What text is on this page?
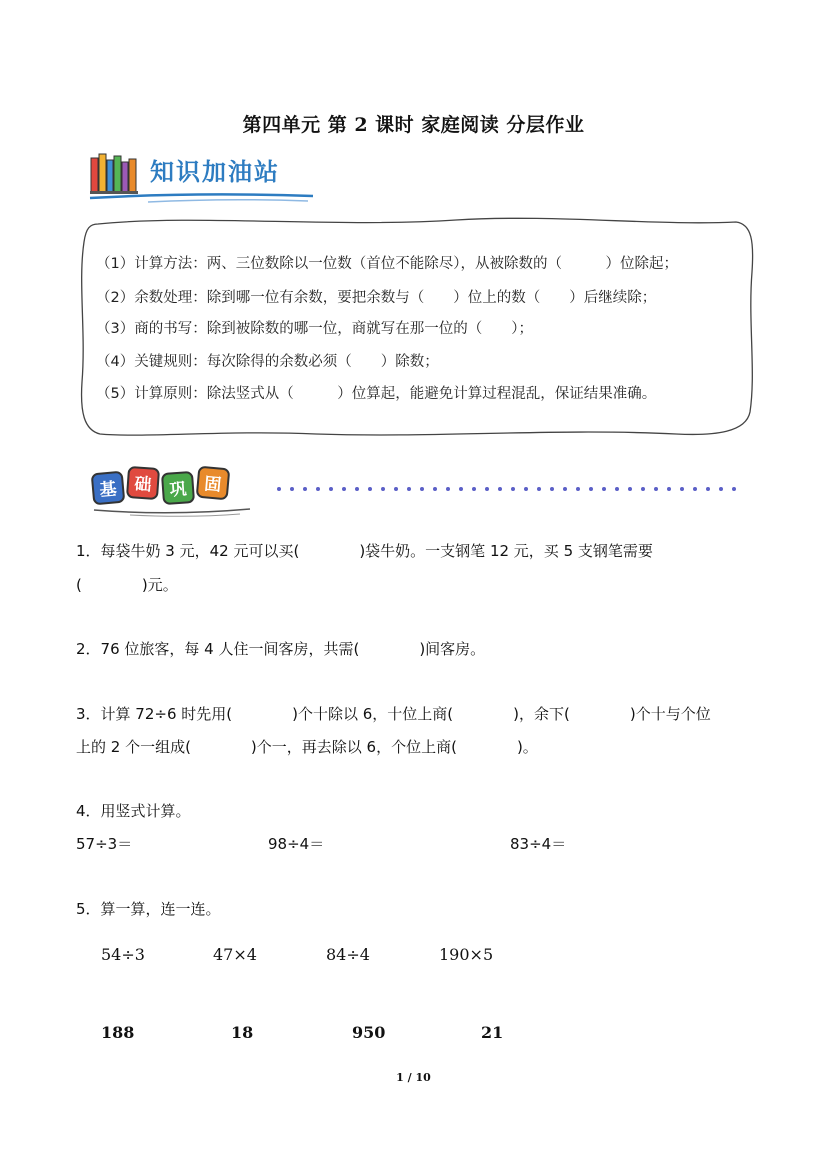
第四单元 第 2 课时 家庭阅读 分层作业
知识加油站
（1）计算方法：两、三位数除以一位数（首位不能除尽），从被除数的（　　　）位除起；
（2）余数处理：除到哪一位有余数，要把余数与（　　）位上的数（　　）后继续除；
（3）商的书写：除到被除数的哪一位，商就写在那一位的（　　）；
（4）关键规则：每次除得的余数必须（　　）除数；
（5）计算原则：除法竖式从（　　　）位算起，能避免计算过程混乱，保证结果准确。
基 础 巩 固
1．每袋牛奶 3 元，42 元可以买(　　　　)袋牛奶。一支钢笔 12 元，买 5 支钢笔需要
(　　　　)元。
2．76 位旅客，每 4 人住一间客房，共需(　　　　)间客房。
3．计算 72÷6 时先用(　　　　)个十除以 6，十位上商(　　　　)，余下(　　　　)个十与个位
上的 2 个一组成(　　　　)个一，再去除以 6，个位上商(　　　　)。
4．用竖式计算。
57÷3＝	98÷4＝	83÷4＝
5．算一算，连一连。
54÷3	47×4	84÷4	190×5
188	18	950	21
1 / 10
